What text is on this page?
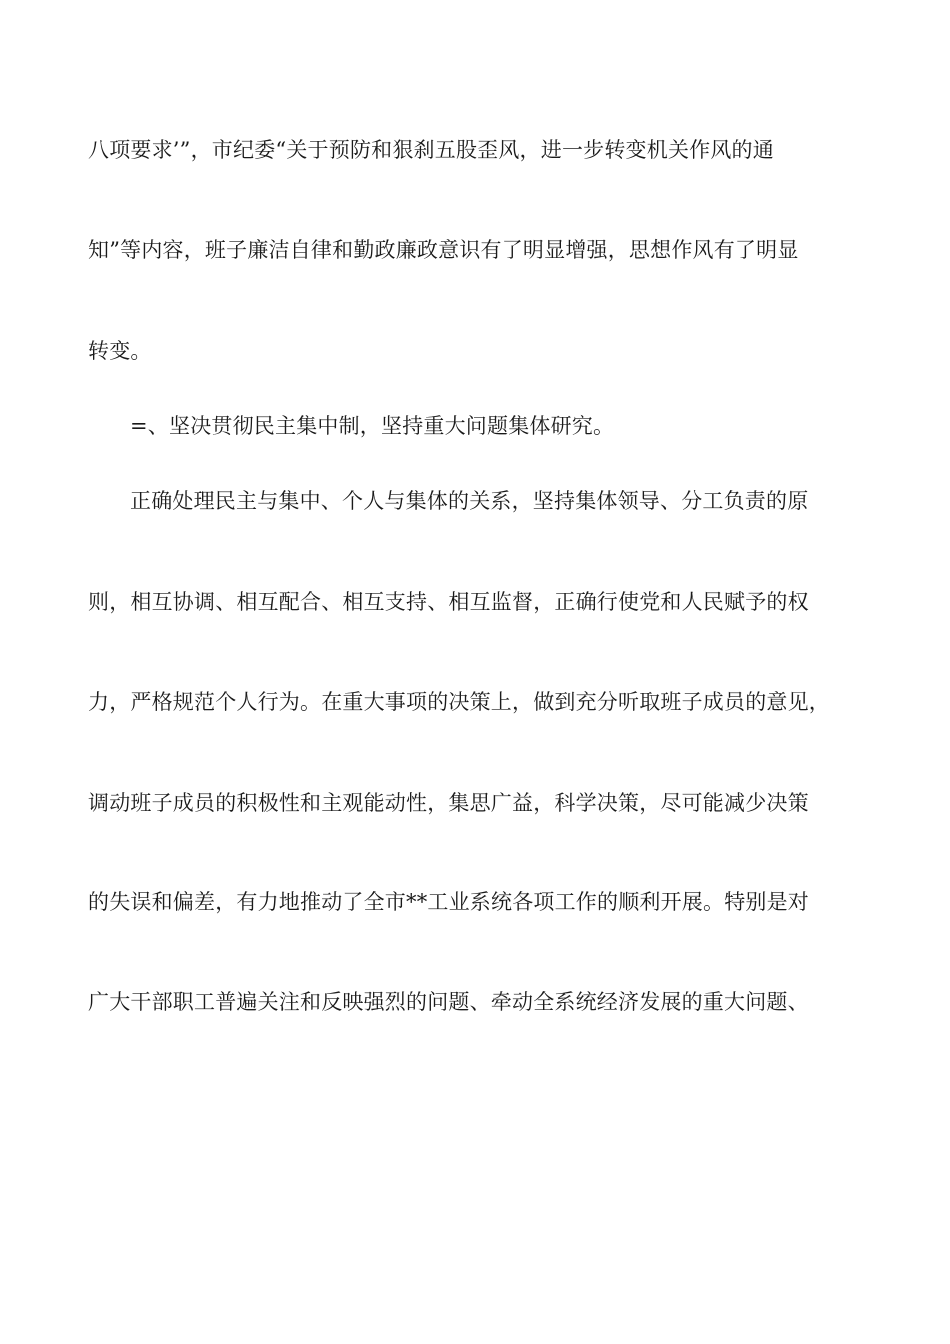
八项要求’”，市纪委“关于预防和狠刹五股歪风，进一步转变机关作风的通
知”等内容，班子廉洁自律和勤政廉政意识有了明显增强，思想作风有了明显
转变。
=、坚决贯彻民主集中制，坚持重大问题集体研究。
正确处理民主与集中、个人与集体的关系，坚持集体领导、分工负责的原
则，相互协调、相互配合、相互支持、相互监督，正确行使党和人民赋予的权
力，严格规范个人行为。在重大事项的决策上，做到充分听取班子成员的意见，
调动班子成员的积极性和主观能动性，集思广益，科学决策，尽可能减少决策
的失误和偏差，有力地推动了全市**工业系统各项工作的顺利开展。特别是对
广大干部职工普遍关注和反映强烈的问题、牵动全系统经济发展的重大问题、
